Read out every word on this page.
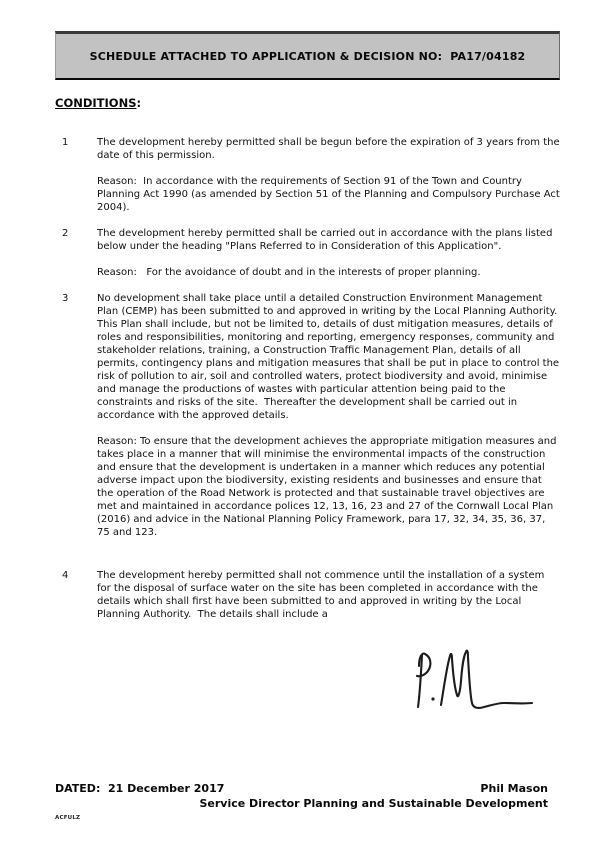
SCHEDULE ATTACHED TO APPLICATION & DECISION NO:  PA17/04182
CONDITIONS:
1	The development hereby permitted shall be begun before the expiration of 3 years from the date of this permission.

Reason:  In accordance with the requirements of Section 91 of the Town and Country Planning Act 1990 (as amended by Section 51 of the Planning and Compulsory Purchase Act 2004).

2	The development hereby permitted shall be carried out in accordance with the plans listed below under the heading "Plans Referred to in Consideration of this Application".

Reason:   For the avoidance of doubt and in the interests of proper planning.

3	No development shall take place until a detailed Construction Environment Management Plan (CEMP) has been submitted to and approved in writing by the Local Planning Authority.  This Plan shall include, but not be limited to, details of dust mitigation measures, details of roles and responsibilities, monitoring and reporting, emergency responses, community and stakeholder relations, training, a Construction Traffic Management Plan, details of all permits, contingency plans and mitigation measures that shall be put in place to control the risk of pollution to air, soil and controlled waters, protect biodiversity and avoid, minimise and manage the productions of wastes with particular attention being paid to the constraints and risks of the site.  Thereafter the development shall be carried out in accordance with the approved details.

Reason: To ensure that the development achieves the appropriate mitigation measures and takes place in a manner that will minimise the environmental impacts of the construction and ensure that the development is undertaken in a manner which reduces any potential adverse impact upon the biodiversity, existing residents and businesses and ensure that the operation of the Road Network is protected and that sustainable travel objectives are met and maintained in accordance polices 12, 13, 16, 23 and 27 of the Cornwall Local Plan (2016) and advice in the National Planning Policy Framework, para 17, 32, 34, 35, 36, 37, 75 and 123.

4	The development hereby permitted shall not commence until the installation of a system for the disposal of surface water on the site has been completed in accordance with the details which shall first have been submitted to and approved in writing by the Local Planning Authority.  The details shall include a

DATED:  21 December 2017	Phil Mason
Service Director Planning and Sustainable Development
ACFULZ
